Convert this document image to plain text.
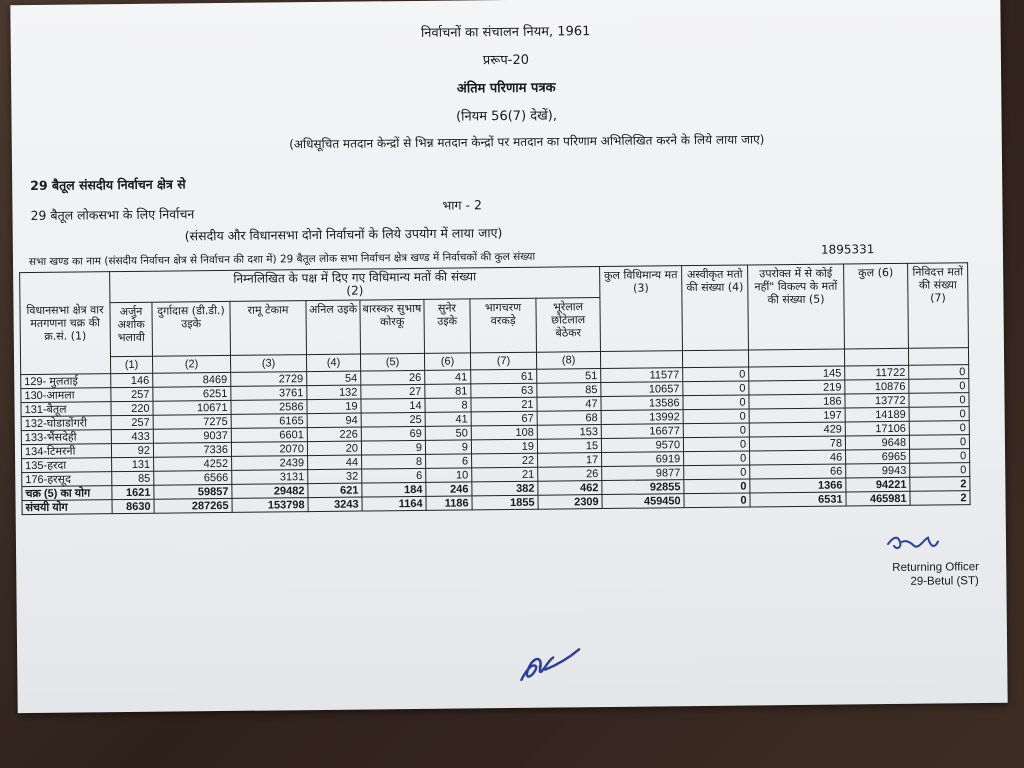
निर्वाचनों का संचालन नियम, 1961
प्ररूप-20
अंतिम परिणाम पत्रक
(नियम 56(7) देखें),
(अधिसूचित मतदान केन्द्रों से भिन्न मतदान केन्द्रों पर मतदान का परिणाम अभिलिखित करने के लिये लाया जाए)
29 बैतूल संसदीय निर्वाचन क्षेत्र से
29 बैतूल लोकसभा के लिए निर्वाचन
भाग - 2
(संसदीय और विधानसभा दोनो निर्वाचनों के लिये उपयोग में लाया जाए)
सभा खण्ड का नाम (संसदीय निर्वाचन क्षेत्र से निर्वाचन की दशा में) 29 बैतूल लोक सभा निर्वाचन क्षेत्र खण्ड में निर्वाचकों की कुल संख्या
1895331
विधानसभा क्षेत्र वार मतगणना चक्र की क्र.सं. (1)	निम्नलिखित के पक्ष में दिए गए विधिमान्य मतों की संख्या
(2)								कुल विधिमान्य मत (3)	अस्वीकृत मतो की संख्या (4)	उपरोक्त में से कोई नहीं" विकल्प के मतों की संख्या (5)	कुल (6)	निविदत्त मतों की संख्या (7)
	अर्जुन अशोक भलावी	दुर्गादास (डी.डी.) उइके	रामू टेकाम	अनिल उइके	बारस्कर सुभाष कोरकू	सुनेर उइके	भागचरण वरकड़े	भूरेलाल छोटेलाल बेठेकर					
	(1)	(2)	(3)	(4)	(5)	(6)	(7)	(8)					
129- मुलताई	146	8469	2729	54	26	41	61	51	11577	0	145	11722	0
130-आमला	257	6251	3761	132	27	81	63	85	10657	0	219	10876	0
131-बैतूल	220	10671	2586	19	14	8	21	47	13586	0	186	13772	0
132-घोडाडोंगरी	257	7275	6165	94	25	41	67	68	13992	0	197	14189	0
133-भैंसदेही	433	9037	6601	226	69	50	108	153	16677	0	429	17106	0
134-टिमरनी	92	7336	2070	20	9	9	19	15	9570	0	78	9648	0
135-हरदा	131	4252	2439	44	8	6	22	17	6919	0	46	6965	0
176-हरसूद	85	6566	3131	32	6	10	21	26	9877	0	66	9943	0
चक्र (5) का योग	1621	59857	29482	621	184	246	382	462	92855	0	1366	94221	2
संचयी योग	8630	287265	153798	3243	1164	1186	1855	2309	459450	0	6531	465981	2
Returning Officer
29-Betul (ST)
